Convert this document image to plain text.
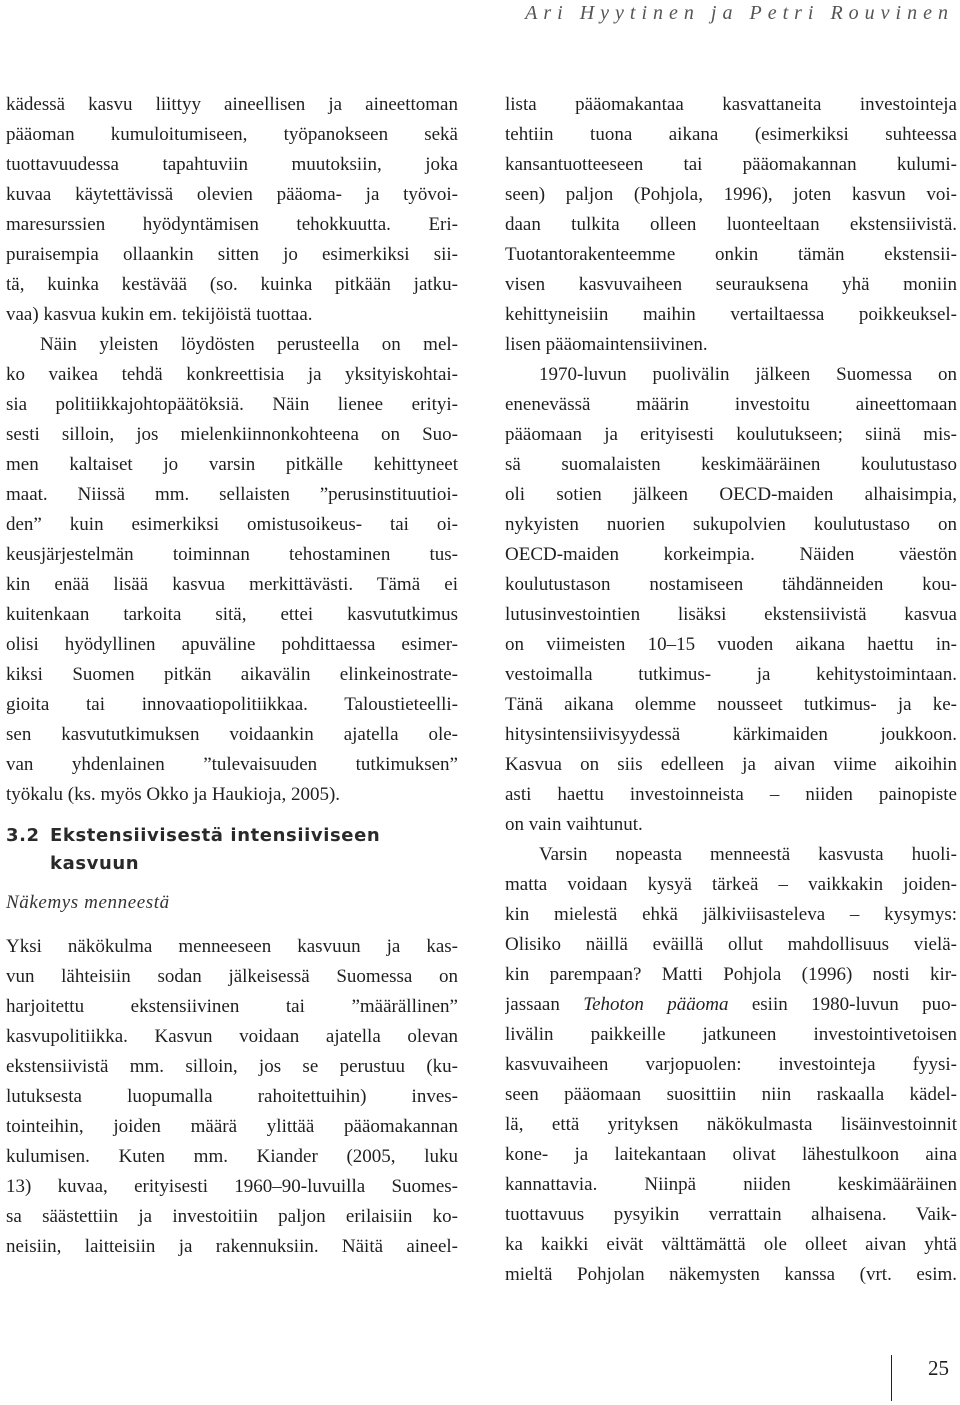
Ari Hyytinen ja Petri Rouvinen
kädessä kasvu liittyy aineellisen ja aineettoman
pääoman kumuloitumiseen, työpanokseen sekä
tuottavuudessa tapahtuviin muutoksiin, joka
kuvaa käytettävissä olevien pääoma- ja työvoi-
maresurssien hyödyntämisen tehokkuutta. Eri-
puraisempia ollaankin sitten jo esimerkiksi sii-
tä, kuinka kestävää (so. kuinka pitkään jatku-
vaa) kasvua kukin em. tekijöistä tuottaa.
Näin yleisten löydösten perusteella on mel-
ko vaikea tehdä konkreettisia ja yksityiskohtai-
sia politiikkajohtopäätöksiä. Näin lienee erityi-
sesti silloin, jos mielenkiinnonkohteena on Suo-
men kaltaiset jo varsin pitkälle kehittyneet
maat. Niissä mm. sellaisten ”perusinstituutioi-
den” kuin esimerkiksi omistusoikeus- tai oi-
keusjärjestelmän toiminnan tehostaminen tus-
kin enää lisää kasvua merkittävästi. Tämä ei
kuitenkaan tarkoita sitä, ettei kasvututkimus
olisi hyödyllinen apuväline pohdittaessa esimer-
kiksi Suomen pitkän aikavälin elinkeinostrate-
gioita tai innovaatiopolitiikkaa. Taloustieteelli-
sen kasvututkimuksen voidaankin ajatella ole-
van yhdenlainen ”tulevaisuuden tutkimuksen”
työkalu (ks. myös Okko ja Haukioja, 2005).
3.2 Ekstensiivisestä intensiiviseen
kasvuun
Näkemys menneestä
Yksi näkökulma menneeseen kasvuun ja kas-
vun lähteisiin sodan jälkeisessä Suomessa on
harjoitettu ekstensiivinen tai ”määrällinen”
kasvupolitiikka. Kasvun voidaan ajatella olevan
ekstensiivistä mm. silloin, jos se perustuu (ku-
lutuksesta luopumalla rahoitettuihin) inves-
tointeihin, joiden määrä ylittää pääomakannan
kulumisen. Kuten mm. Kiander (2005, luku
13) kuvaa, erityisesti 1960–90-luvuilla Suomes-
sa säästettiin ja investoitiin paljon erilaisiin ko-
neisiin, laitteisiin ja rakennuksiin. Näitä aineel-
lista pääomakantaa kasvattaneita investointeja
tehtiin tuona aikana (esimerkiksi suhteessa
kansantuotteeseen tai pääomakannan kulumi-
seen) paljon (Pohjola, 1996), joten kasvun voi-
daan tulkita olleen luonteeltaan ekstensiivistä.
Tuotantorakenteemme onkin tämän ekstensii-
visen kasvuvaiheen seurauksena yhä moniin
kehittyneisiin maihin vertailtaessa poikkeuksel-
lisen pääomaintensiivinen.
1970-luvun puolivälin jälkeen Suomessa on
enenevässä määrin investoitu aineettomaan
pääomaan ja erityisesti koulutukseen; siinä mis-
sä suomalaisten keskimääräinen koulutustaso
oli sotien jälkeen OECD-maiden alhaisimpia,
nykyisten nuorien sukupolvien koulutustaso on
OECD-maiden korkeimpia. Näiden väestön
koulutustason nostamiseen tähdänneiden kou-
lutusinvestointien lisäksi ekstensiivistä kasvua
on viimeisten 10–15 vuoden aikana haettu in-
vestoimalla tutkimus- ja kehitystoimintaan.
Tänä aikana olemme nousseet tutkimus- ja ke-
hitysintensiivisyydessä kärkimaiden joukkoon.
Kasvua on siis edelleen ja aivan viime aikoihin
asti haettu investoinneista – niiden painopiste
on vain vaihtunut.
Varsin nopeasta menneestä kasvusta huoli-
matta voidaan kysyä tärkeä – vaikkakin joiden-
kin mielestä ehkä jälkiviisasteleva – kysymys:
Olisiko näillä eväillä ollut mahdollisuus vielä-
kin parempaan? Matti Pohjola (1996) nosti kir-
jassaan Tehoton pääoma esiin 1980-luvun puo-
livälin paikkeille jatkuneen investointivetoisen
kasvuvaiheen varjopuolen: investointeja fyysi-
seen pääomaan suosittiin niin raskaalla kädel-
lä, että yrityksen näkökulmasta lisäinvestoinnit
kone- ja laitekantaan olivat lähestulkoon aina
kannattavia. Niinpä niiden keskimääräinen
tuottavuus pysyikin verrattain alhaisena. Vaik-
ka kaikki eivät välttämättä ole olleet aivan yhtä
mieltä Pohjolan näkemysten kanssa (vrt. esim.
25
